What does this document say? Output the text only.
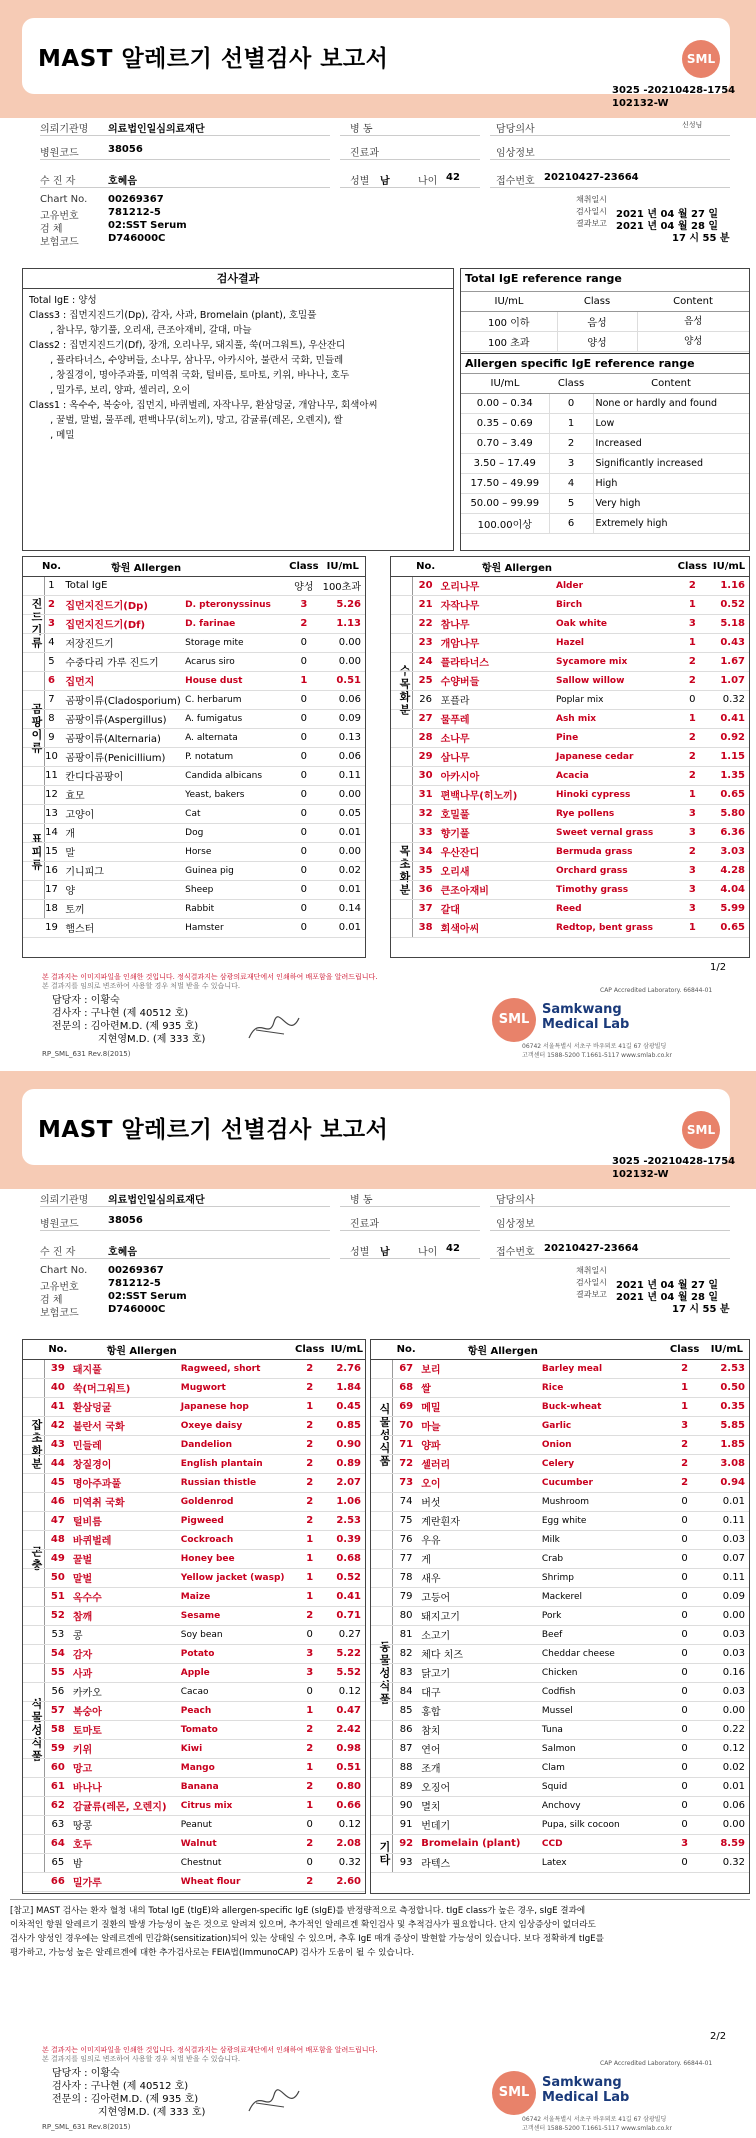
MAST 알레르기 선별검사 보고서	SML
3025 -20210428-1754
102132-W
의뢰기관명 의료법인일심의료재단	병 동	담당의사	신성님
병원코드	38056	진료과	임상정보
수 진 자	호혜음	성별 남	나이 42	접수번호 20210427-23664
Chart No. 00269367
고유번호	781212-5
검 체	02:SST Serum
보험코드	D746000C
채취일시
검사일시 2021 년 04 월 27 일
결과보고 2021 년 04 월 28 일
17 시 55 분
검사결과
Total IgE : 양성
Class3 : 집먼지진드기(Dp), 감자, 사과, Bromelain (plant), 호밀풀
, 참나무, 향기풀, 오리새, 큰조아재비, 갈대, 마늘
Class2 : 집먼지진드기(Df), 장개, 오리나무, 돼지풀, 쑥(머그워트), 우산잔디
, 플라타너스, 수양버들, 소나무, 삼나무, 아카시아, 불란서 국화, 민들레
, 창질경이, 명아주과풀, 미역취 국화, 털비름, 토마토, 키위, 바나나, 호두
, 밀가루, 보리, 양파, 셀러리, 오이
Class1 : 옥수수, 복숭아, 집먼지, 바퀴벌레, 자작나무, 환삼덩굴, 개암나무, 회색아씨
, 꿀벌, 말벌, 물푸레, 편백나무(히노끼), 망고, 감귤류(레몬, 오렌지), 쌀
, 메밀
Total IgE reference range
IU/mL	Class	Content
100 이하	음성	음성
100 초과	양성	양성
Allergen specific IgE reference range
IU/mL	Class	Content
0.00 – 0.34	0	None or hardly and found
0.35 – 0.69	1	Low
0.70 – 3.49	2	Increased
3.50 – 17.49	3	Significantly increased
17.50 – 49.99	4	High
50.00 – 99.99	5	Very high
100.00이상	6	Extremely high
진드기류
곰팡이류
표피류
	No.	항원 Allergen		Class	IU/mL
	1	Total IgE		양성	100초과
	2	집먼지진드기(Dp)	D. pteronyssinus	3	5.26
	3	집먼지진드기(Df)	D. farinae	2	1.13
	4	저장진드기	Storage mite	0	0.00
	5	수중다리 가루 진드기	Acarus siro	0	0.00
	6	집먼지	House dust	1	0.51
	7	곰팡이류(Cladosporium)	C. herbarum	0	0.06
	8	곰팡이류(Aspergillus)	A. fumigatus	0	0.09
	9	곰팡이류(Alternaria)	A. alternata	0	0.13
	10	곰팡이류(Penicillium)	P. notatum	0	0.06
	11	칸디다곰팡이	Candida albicans	0	0.11
	12	효모	Yeast, bakers	0	0.00
	13	고양이	Cat	0	0.05
	14	개	Dog	0	0.01
	15	말	Horse	0	0.00
	16	기니피그	Guinea pig	0	0.02
	17	양	Sheep	0	0.01
	18	토끼	Rabbit	0	0.14
	19	햄스터	Hamster	0	0.01
수목화분
목초화분
	No.	항원 Allergen		Class	IU/mL
	20	오리나무	Alder	2	1.16
	21	자작나무	Birch	1	0.52
	22	참나무	Oak white	3	5.18
	23	개암나무	Hazel	1	0.43
	24	플라타너스	Sycamore mix	2	1.67
	25	수양버들	Sallow willow	2	1.07
	26	포플라	Poplar mix	0	0.32
	27	물푸레	Ash mix	1	0.41
	28	소나무	Pine	2	0.92
	29	삼나무	Japanese cedar	2	1.15
	30	아카시아	Acacia	2	1.35
	31	편백나무(히노끼)	Hinoki cypress	1	0.65
	32	호밀풀	Rye pollens	3	5.80
	33	향기풀	Sweet vernal grass	3	6.36
	34	우산잔디	Bermuda grass	2	3.03
	35	오리새	Orchard grass	3	4.28
	36	큰조아재비	Timothy grass	3	4.04
	37	갈대	Reed	3	5.99
	38	회색아씨	Redtop, bent grass	1	0.65
1/2
본 결과지는 이미지파일을 인쇄한 것입니다. 정식결과지는 삼광의료재단에서 인쇄하여 배포함을 알려드립니다.
본 결과지를 임의로 변조하여 사용할 경우 처벌 받을 수 있습니다.
CAP Accredited Laboratory. 66844-01
담당자 : 이황숙
검사자 : 구나현 (제 40512 호)
전문의 : 김아련M.D. (제 935 호)
지현영M.D. (제 333 호)
SML
Samkwang
Medical Lab
06742 서울특별시 서초구 바우뫼로 41길 67 삼광빌딩
고객센터 1588-5200 T.1661-5117 www.smlab.co.kr
RP_SML_631 Rev.8(2015)
MAST 알레르기 선별검사 보고서	SML
3025 -20210428-1754
102132-W
의뢰기관명 의료법인일심의료재단	병 동	담당의사
병원코드	38056	진료과	임상정보
수 진 자	호혜음	성별 남	나이 42	접수번호 20210427-23664
Chart No. 00269367
고유번호	781212-5
검 체	02:SST Serum
보험코드	D746000C
채취일시
검사일시 2021 년 04 월 27 일
결과보고 2021 년 04 월 28 일
17 시 55 분
잡초화분
곤충
식물성식품
	No.	항원 Allergen		Class	IU/mL
	39	돼지풀	Ragweed, short	2	2.76
	40	쑥(머그워트)	Mugwort	2	1.84
	41	환삼덩굴	Japanese hop	1	0.45
	42	불란서 국화	Oxeye daisy	2	0.85
	43	민들레	Dandelion	2	0.90
	44	창질경이	English plantain	2	0.89
	45	명아주과풀	Russian thistle	2	2.07
	46	미역취 국화	Goldenrod	2	1.06
	47	털비름	Pigweed	2	2.53
	48	바퀴벌레	Cockroach	1	0.39
	49	꿀벌	Honey bee	1	0.68
	50	말벌	Yellow jacket (wasp)	1	0.52
	51	옥수수	Maize	1	0.41
	52	참깨	Sesame	2	0.71
	53	콩	Soy bean	0	0.27
	54	감자	Potato	3	5.22
	55	사과	Apple	3	5.52
	56	카카오	Cacao	0	0.12
	57	복숭아	Peach	1	0.47
	58	토마토	Tomato	2	2.42
	59	키위	Kiwi	2	0.98
	60	망고	Mango	1	0.51
	61	바나나	Banana	2	0.80
	62	감귤류(레몬, 오렌지)	Citrus mix	1	0.66
	63	땅콩	Peanut	0	0.12
	64	호두	Walnut	2	2.08
	65	밤	Chestnut	0	0.32
	66	밀가루	Wheat flour	2	2.60
식물성식품
동물성식품
기타
	No.	항원 Allergen		Class	IU/mL
	67	보리	Barley meal	2	2.53
	68	쌀	Rice	1	0.50
	69	메밀	Buck-wheat	1	0.35
	70	마늘	Garlic	3	5.85
	71	양파	Onion	2	1.85
	72	셀러리	Celery	2	3.08
	73	오이	Cucumber	2	0.94
	74	버섯	Mushroom	0	0.01
	75	계란흰자	Egg white	0	0.11
	76	우유	Milk	0	0.03
	77	게	Crab	0	0.07
	78	새우	Shrimp	0	0.11
	79	고등어	Mackerel	0	0.09
	80	돼지고기	Pork	0	0.00
	81	소고기	Beef	0	0.03
	82	체다 치즈	Cheddar cheese	0	0.03
	83	닭고기	Chicken	0	0.16
	84	대구	Codfish	0	0.03
	85	홍합	Mussel	0	0.00
	86	참치	Tuna	0	0.22
	87	연어	Salmon	0	0.12
	88	조개	Clam	0	0.02
	89	오징어	Squid	0	0.01
	90	멸치	Anchovy	0	0.06
	91	번데기	Pupa, silk cocoon	0	0.00
	92	Bromelain (plant)	CCD	3	8.59
	93	라텍스	Latex	0	0.32
[참고] MAST 검사는 환자 혈청 내의 Total IgE (tIgE)와 allergen-specific IgE (sIgE)를 반정량적으로 측정합니다. tIgE class가 높은 경우, sIgE 결과에
이차적인 항원 알레르기 질환의 발생 가능성이 높은 것으로 알려져 있으며, 추가적인 알레르겐 확인검사 및 추적검사가 필요합니다. 단지 임상증상이 없더라도
검사가 양성인 경우에는 알레르겐에 민감화(sensitization)되어 있는 상태일 수 있으며, 추후 IgE 매개 증상이 발현할 가능성이 있습니다. 보다 정확하게 tIgE를
평가하고, 가능성 높은 알레르겐에 대한 추가검사로는 FEIA법(ImmunoCAP) 검사가 도움이 될 수 있습니다.
2/2
본 결과지는 이미지파일을 인쇄한 것입니다. 정식결과지는 삼광의료재단에서 인쇄하여 배포함을 알려드립니다.
본 결과지를 임의로 변조하여 사용할 경우 처벌 받을 수 있습니다.
CAP Accredited Laboratory. 66844-01
담당자 : 이황숙
검사자 : 구나현 (제 40512 호)
전문의 : 김아련M.D. (제 935 호)
지현영M.D. (제 333 호)
SML
Samkwang
Medical Lab
06742 서울특별시 서초구 바우뫼로 41길 67 삼광빌딩
고객센터 1588-5200 T.1661-5117 www.smlab.co.kr
RP_SML_631 Rev.8(2015)
